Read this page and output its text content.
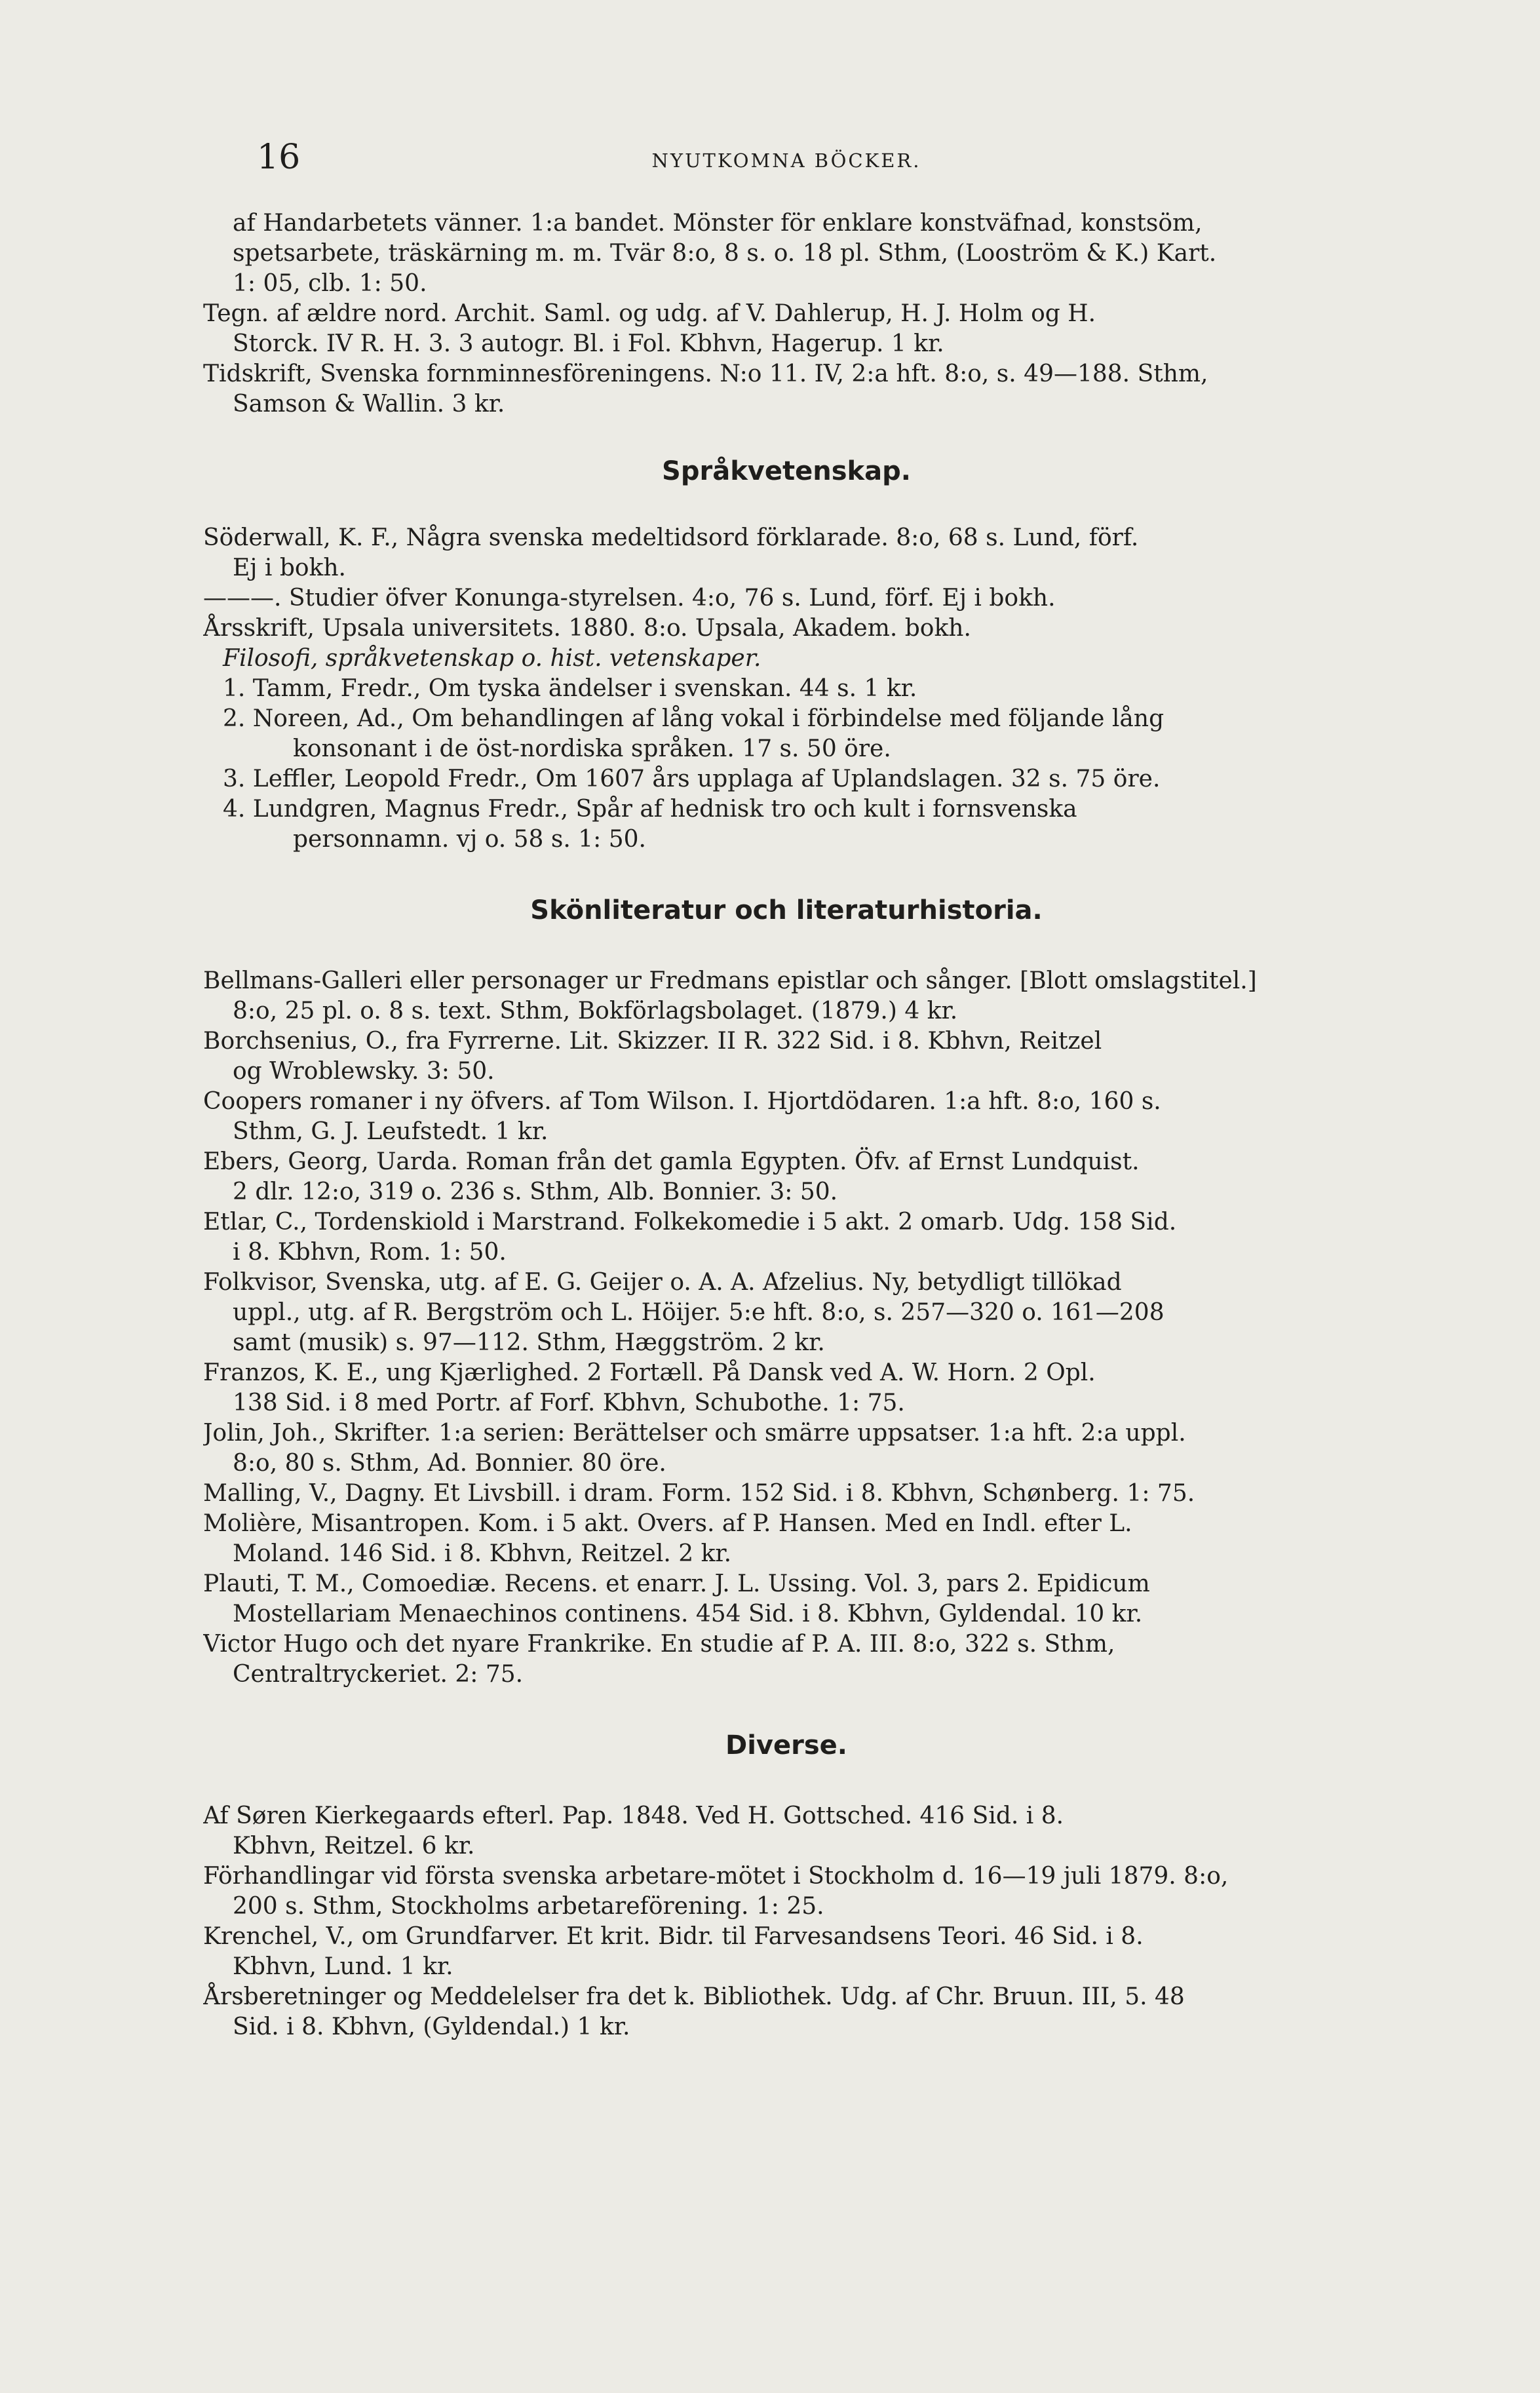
16	NYUTKOMNA BÖCKER.
af Handarbetets vänner. 1:a bandet. Mönster för enklare konstväfnad, konstsöm,
spetsarbete, träskärning m. m. Tvär 8:o, 8 s. o. 18 pl. Sthm, (Looström & K.) Kart.
1: 05, clb. 1: 50.
Tegn. af ældre nord. Archit. Saml. og udg. af V. Dahlerup, H. J. Holm og H.
Storck. IV R. H. 3. 3 autogr. Bl. i Fol. Kbhvn, Hagerup. 1 kr.
Tidskrift, Svenska fornminnesföreningens. N:o 11. IV, 2:a hft. 8:o, s. 49—188. Sthm,
Samson & Wallin. 3 kr.
Språkvetenskap.
Söderwall, K. F., Några svenska medeltidsord förklarade. 8:o, 68 s. Lund, förf.
Ej i bokh.
———. Studier öfver Konunga-styrelsen. 4:o, 76 s. Lund, förf. Ej i bokh.
Årsskrift, Upsala universitets. 1880. 8:o. Upsala, Akadem. bokh.
Filosofi, språkvetenskap o. hist. vetenskaper.
1. Tamm, Fredr., Om tyska ändelser i svenskan. 44 s. 1 kr.
2. Noreen, Ad., Om behandlingen af lång vokal i förbindelse med följande lång
konsonant i de öst-nordiska språken. 17 s. 50 öre.
3. Leffler, Leopold Fredr., Om 1607 års upplaga af Uplandslagen. 32 s. 75 öre.
4. Lundgren, Magnus Fredr., Spår af hednisk tro och kult i fornsvenska
personnamn. vj o. 58 s. 1: 50.
Skönliteratur och literaturhistoria.
Bellmans-Galleri eller personager ur Fredmans epistlar och sånger. [Blott omslagstitel.]
8:o, 25 pl. o. 8 s. text. Sthm, Bokförlagsbolaget. (1879.) 4 kr.
Borchsenius, O., fra Fyrrerne. Lit. Skizzer. II R. 322 Sid. i 8. Kbhvn, Reitzel
og Wroblewsky. 3: 50.
Coopers romaner i ny öfvers. af Tom Wilson. I. Hjortdödaren. 1:a hft. 8:o, 160 s.
Sthm, G. J. Leufstedt. 1 kr.
Ebers, Georg, Uarda. Roman från det gamla Egypten. Öfv. af Ernst Lundquist.
2 dlr. 12:o, 319 o. 236 s. Sthm, Alb. Bonnier. 3: 50.
Etlar, C., Tordenskiold i Marstrand. Folkekomedie i 5 akt. 2 omarb. Udg. 158 Sid.
i 8. Kbhvn, Rom. 1: 50.
Folkvisor, Svenska, utg. af E. G. Geijer o. A. A. Afzelius. Ny, betydligt tillökad
uppl., utg. af R. Bergström och L. Höijer. 5:e hft. 8:o, s. 257—320 o. 161—208
samt (musik) s. 97—112. Sthm, Hæggström. 2 kr.
Franzos, K. E., ung Kjærlighed. 2 Fortæll. På Dansk ved A. W. Horn. 2 Opl.
138 Sid. i 8 med Portr. af Forf. Kbhvn, Schubothe. 1: 75.
Jolin, Joh., Skrifter. 1:a serien: Berättelser och smärre uppsatser. 1:a hft. 2:a uppl.
8:o, 80 s. Sthm, Ad. Bonnier. 80 öre.
Malling, V., Dagny. Et Livsbill. i dram. Form. 152 Sid. i 8. Kbhvn, Schønberg. 1: 75.
Molière, Misantropen. Kom. i 5 akt. Overs. af P. Hansen. Med en Indl. efter L.
Moland. 146 Sid. i 8. Kbhvn, Reitzel. 2 kr.
Plauti, T. M., Comoediæ. Recens. et enarr. J. L. Ussing. Vol. 3, pars 2. Epidicum
Mostellariam Menaechinos continens. 454 Sid. i 8. Kbhvn, Gyldendal. 10 kr.
Victor Hugo och det nyare Frankrike. En studie af P. A. III. 8:o, 322 s. Sthm,
Centraltryckeriet. 2: 75.
Diverse.
Af Søren Kierkegaards efterl. Pap. 1848. Ved H. Gottsched. 416 Sid. i 8.
Kbhvn, Reitzel. 6 kr.
Förhandlingar vid första svenska arbetare-mötet i Stockholm d. 16—19 juli 1879. 8:o,
200 s. Sthm, Stockholms arbetareförening. 1: 25.
Krenchel, V., om Grundfarver. Et krit. Bidr. til Farvesandsens Teori. 46 Sid. i 8.
Kbhvn, Lund. 1 kr.
Årsberetninger og Meddelelser fra det k. Bibliothek. Udg. af Chr. Bruun. III, 5. 48
Sid. i 8. Kbhvn, (Gyldendal.) 1 kr.
